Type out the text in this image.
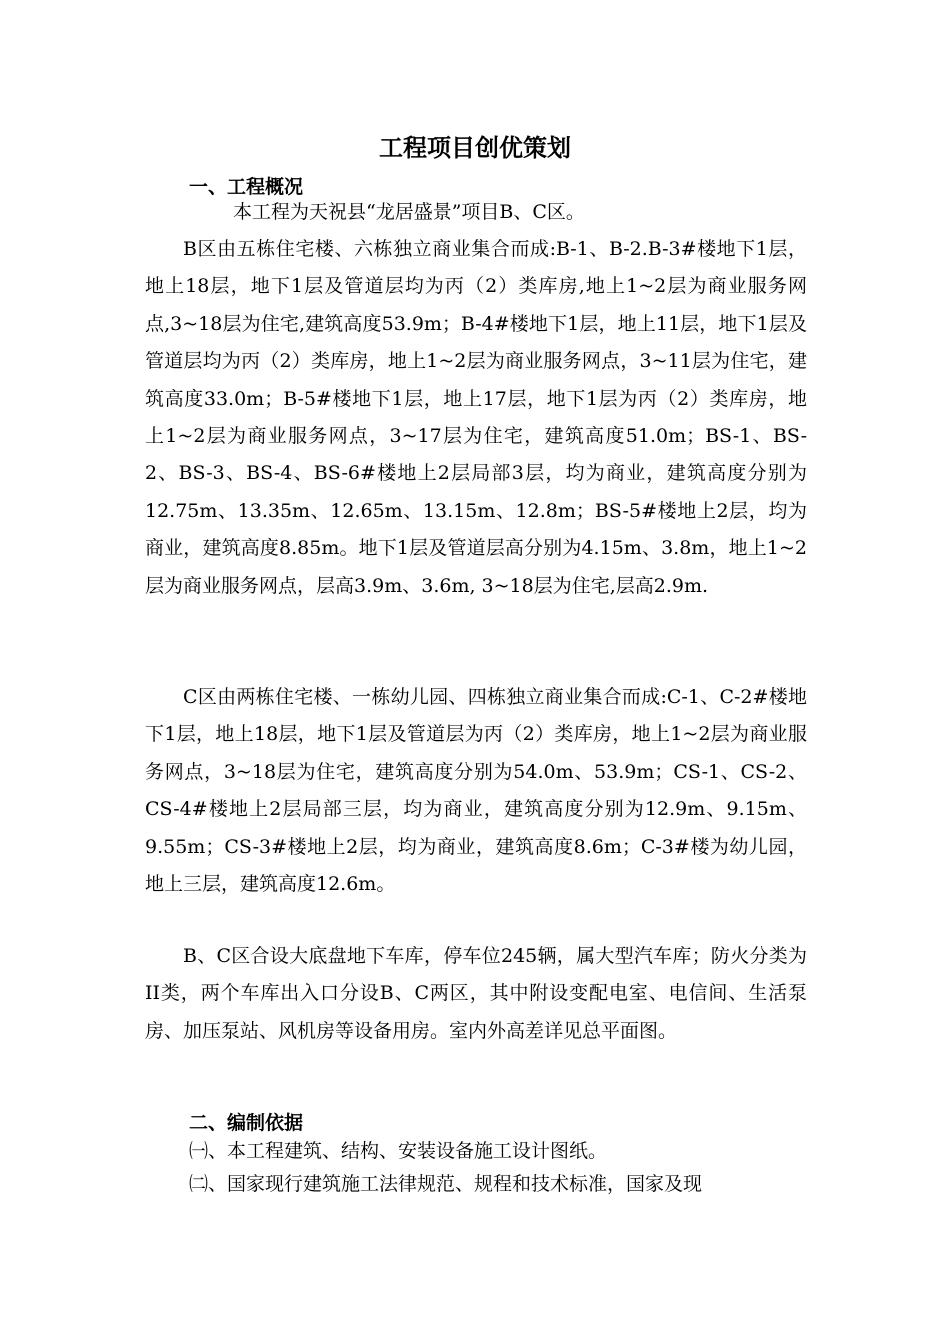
工程项目创优策划
一、工程概况

本工程为天祝县“龙居盛景”项目B、C区。

B区由五栋住宅楼、六栋独立商业集合而成:B-1、B-2.B-3#楼地下1层，地上18层，地下1层及管道层均为丙（2）类库房,地上1~2层为商业服务网点,3~18层为住宅,建筑高度53.9m；B-4#楼地下1层，地上11层，地下1层及管道层均为丙（2）类库房，地上1~2层为商业服务网点，3~11层为住宅，建筑高度33.0m；B-5#楼地下1层，地上17层，地下1层为丙（2）类库房，地上1~2层为商业服务网点，3~17层为住宅，建筑高度51.0m；BS-1、BS-2、BS-3、BS-4、BS-6#楼地上2层局部3层，均为商业，建筑高度分别为12.75m、13.35m、12.65m、13.15m、12.8m；BS-5#楼地上2层，均为商业，建筑高度8.85m。地下1层及管道层高分别为4.15m、3.8m，地上1~2层为商业服务网点，层高3.9m、3.6m, 3~18层为住宅,层高2.9m.

C区由两栋住宅楼、一栋幼儿园、四栋独立商业集合而成:C-1、C-2#楼地下1层，地上18层，地下1层及管道层为丙（2）类库房，地上1~2层为商业服务网点，3~18层为住宅，建筑高度分别为54.0m、53.9m；CS-1、CS-2、CS-4#楼地上2层局部三层，均为商业，建筑高度分别为12.9m、9.15m、9.55m；CS-3#楼地上2层，均为商业，建筑高度8.6m；C-3#楼为幼儿园，地上三层，建筑高度12.6m。

B、C区合设大底盘地下车库，停车位245辆，属大型汽车库；防火分类为II类，两个车库出入口分设B、C两区，其中附设变配电室、电信间、生活泵房、加压泵站、风机房等设备用房。室内外高差详见总平面图。

二、编制依据

㈠、本工程建筑、结构、安装设备施工设计图纸。

㈡、国家现行建筑施工法律规范、规程和技术标准，国家及现
